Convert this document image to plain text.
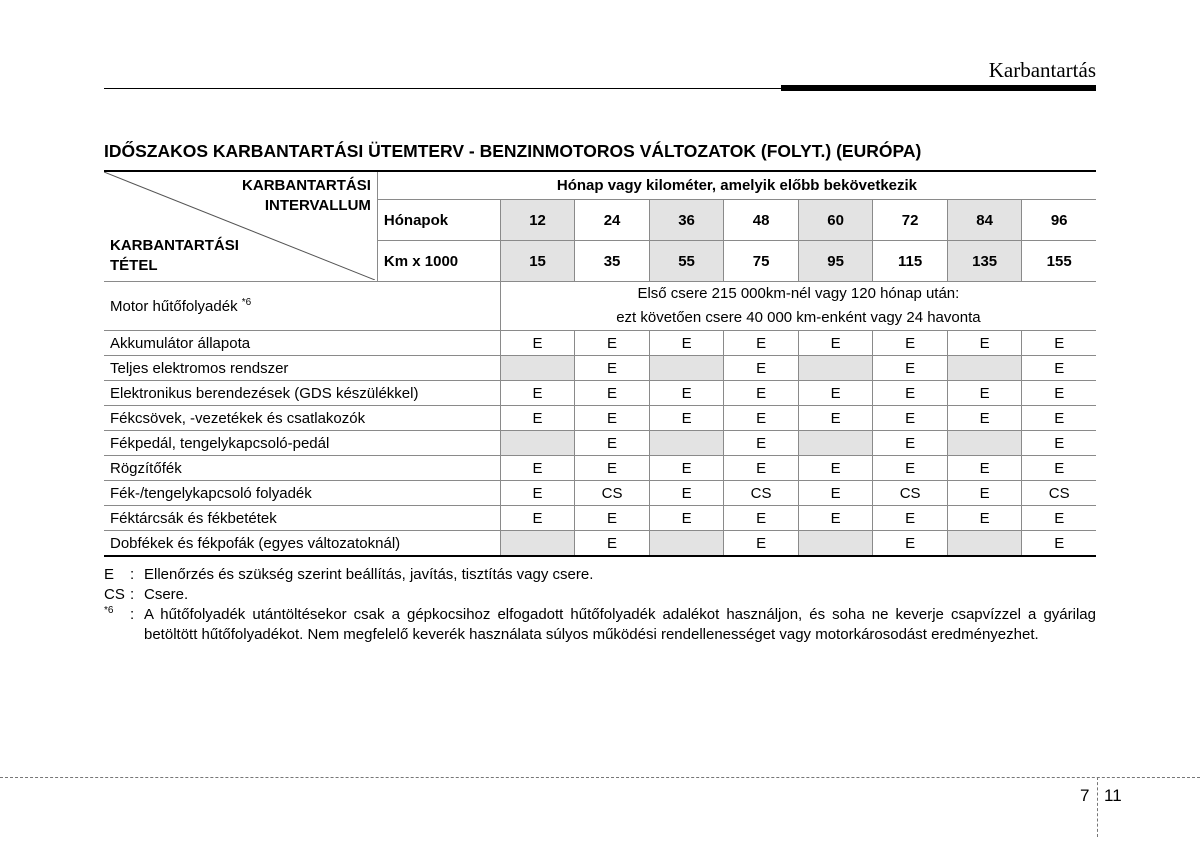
Karbantartás
IDŐSZAKOS KARBANTARTÁSI ÜTEMTERV - BENZINMOTOROS VÁLTOZATOK (FOLYT.) (EURÓPA)
KARBANTARTÁSI
INTERVALLUM
KARBANTARTÁSI
TÉTEL	Hónap vagy kilométer, amelyik előbb bekövetkezik								
	Hónapok	12	24	36	48	60	72	84	96
	Km x 1000	15	35	55	75	95	115	135	155
Motor hűtőfolyadék $^{*6}$		Első csere 215 000km-nél vagy 120 hónap után:
ezt követően csere 40 000 km-enként vagy 24 havonta							

Akkumulátor állapota		E	E	E	E	E	E	E	E
Teljes elektromos rendszer			E		E		E		E
Elektronikus berendezések (GDS készülékkel)		E	E	E	E	E	E	E	E
Fékcsövek, -vezetékek és csatlakozók		E	E	E	E	E	E	E	E
Fékpedál, tengelykapcsoló-pedál			E		E		E		E
Rögzítőfék		E	E	E	E	E	E	E	E
Fék-/tengelykapcsoló folyadék		E	CS	E	CS	E	CS	E	CS
Féktárcsák és fékbetétek		E	E	E	E	E	E	E	E
Dobfékek és fékpofák (egyes változatoknál)			E		E		E		E
E	: Ellenőrzés és szükség szerint beállítás, javítás, tisztítás vagy csere.
CS : Csere.
$^{*6}$	: A hűtőfolyadék utántöltésekor csak a gépkocsihoz elfogadott hűtőfolyadék adalékot használjon, és soha ne keverje csapvízzel a gyárilag betöltött hűtőfolyadékot. Nem megfelelő keverék használata súlyos működési rendellenességet vagy motorkárosodást eredményezhet.
7 11
